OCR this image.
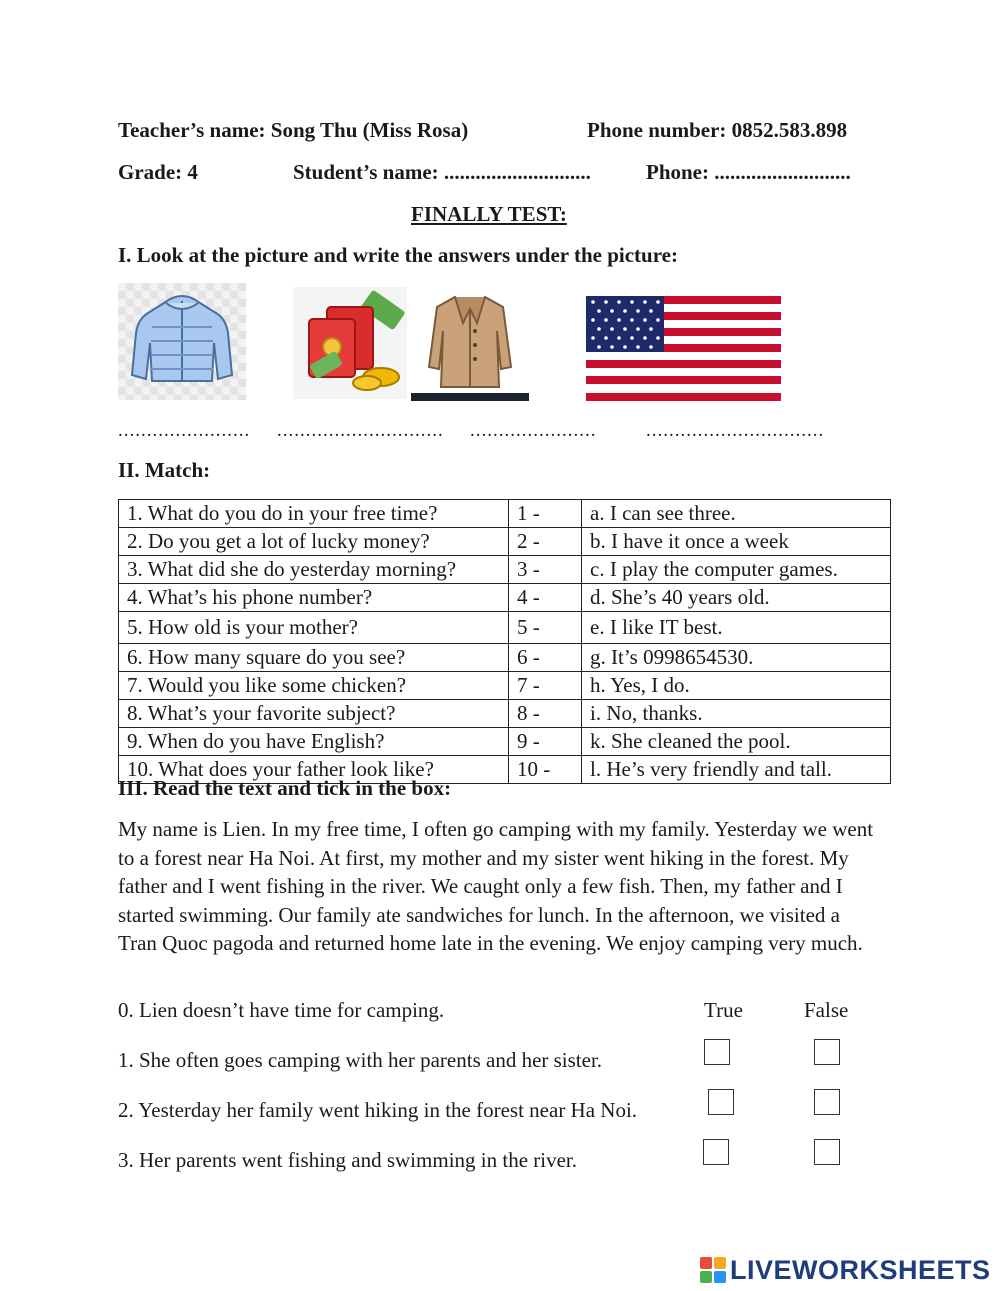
Teacher’s name: Song Thu (Miss Rosa)	Phone number: 0852.583.898
Grade: 4	Student’s name: ............................	Phone: ..........................
FINALLY TEST:
I. Look at the picture and write the answers under the picture:
....................... ............................. ......................	...............................
II. Match:
1. What do you do in your free time?	1 -	a. I can see three.
2. Do you get a lot of lucky money?	2 -	b. I have it once a week
3. What did she do yesterday morning?	3 -	c. I play the computer games.
4. What’s his phone number?	4 -	d. She’s 40 years old.
5. How old is your mother?	5 -	e. I like IT best.
6. How many square do you see?	6 -	g. It’s 0998654530.
7. Would you like some chicken?	7 -	h. Yes, I do.
8. What’s your favorite subject?	8 -	i. No, thanks.
9. When do you have English?	9 -	k. She cleaned the pool.
10. What does your father look like?	10 -	l. He’s very friendly and tall.
III. Read the text and tick in the box:
My name is Lien. In my free time, I often go camping with my family. Yesterday we went to a forest near Ha Noi. At first, my mother and my sister went hiking in the forest. My father and I went fishing in the river. We caught only a few fish. Then, my father and I started swimming. Our family ate sandwiches for lunch. In the afternoon, we visited a Tran Quoc pagoda and returned home late in the evening. We enjoy camping very much.
True	False
0. Lien doesn’t have time for camping.
1. She often goes camping with her parents and her sister.
2. Yesterday her family went hiking in the forest near Ha Noi.
3. Her parents went fishing and swimming in the river.
LIVEWORKSHEETS
